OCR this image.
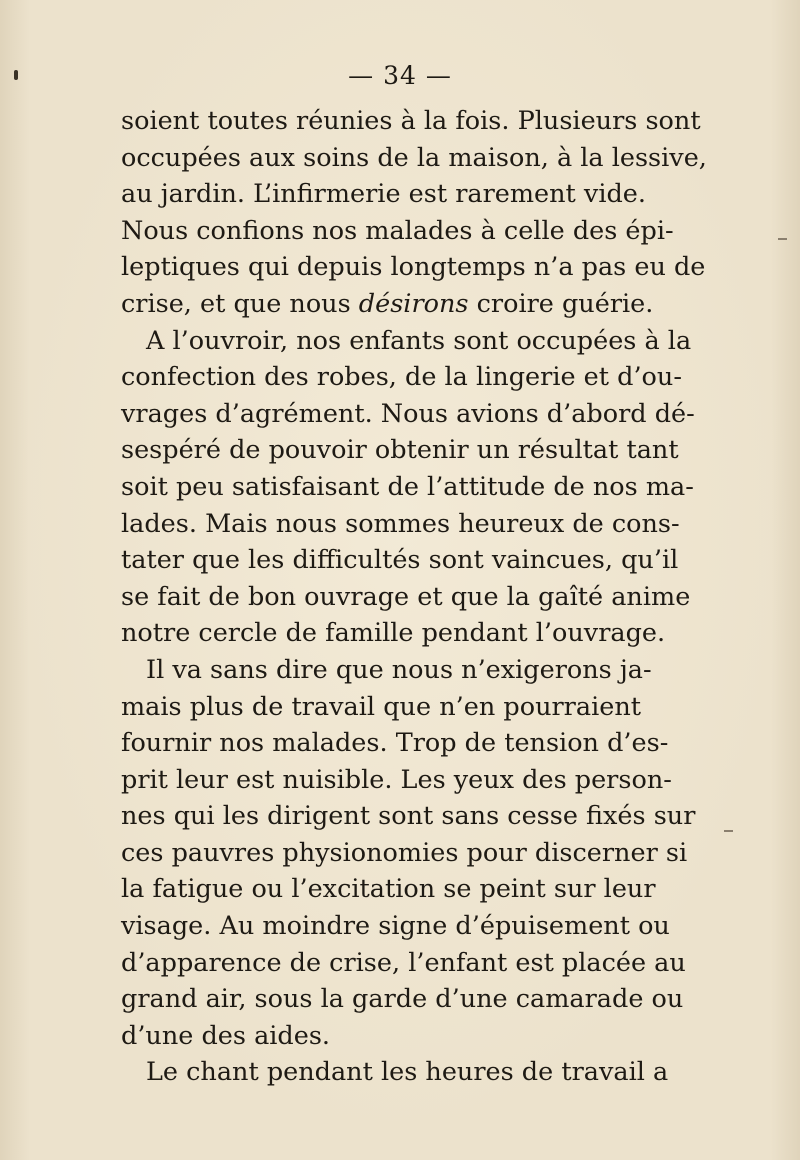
— 34 —
soient toutes réunies à la fois. Plusieurs sont
occupées aux soins de la maison, à la lessive,
au jardin. L’infirmerie est rarement vide.
Nous confions nos malades à celle des épi-
leptiques qui depuis longtemps n’a pas eu de
crise, et que nous désirons croire guérie.
A l’ouvroir, nos enfants sont occupées à la
confection des robes, de la lingerie et d’ou-
vrages d’agrément. Nous avions d’abord dé-
sespéré de pouvoir obtenir un résultat tant
soit peu satisfaisant de l’attitude de nos ma-
lades. Mais nous sommes heureux de cons-
tater que les difficultés sont vaincues, qu’il
se fait de bon ouvrage et que la gaîté anime
notre cercle de famille pendant l’ouvrage.
Il va sans dire que nous n’exigerons ja-
mais plus de travail que n’en pourraient
fournir nos malades. Trop de tension d’es-
prit leur est nuisible. Les yeux des person-
nes qui les dirigent sont sans cesse fixés sur
ces pauvres physionomies pour discerner si
la fatigue ou l’excitation se peint sur leur
visage. Au moindre signe d’épuisement ou
d’apparence de crise, l’enfant est placée au
grand air, sous la garde d’une camarade ou
d’une des aides.
Le chant pendant les heures de travail a
